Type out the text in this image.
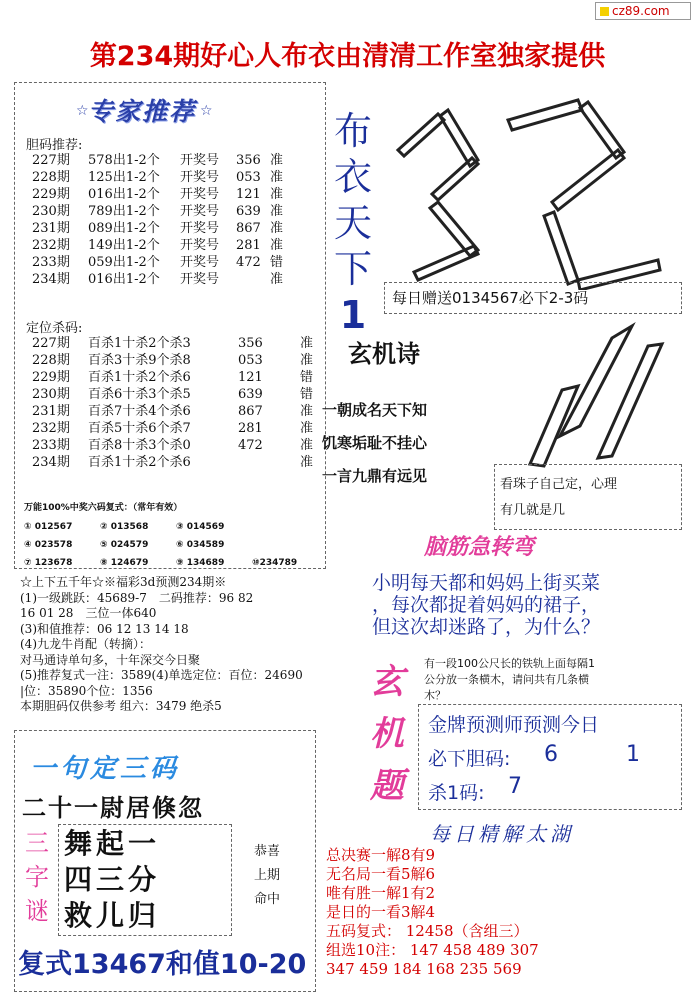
cz89.com
第234期好心人布衣由清清工作室独家提供
专家推荐
☆	☆
胆码推荐:
227期 578出1-2个 开奖号 356 准
228期 125出1-2个 开奖号 053 准
229期 016出1-2个 开奖号 121 准
230期 789出1-2个 开奖号 639 准
231期 089出1-2个 开奖号 867 准
232期 149出1-2个 开奖号 281 准
233期 059出1-2个 开奖号 472 错
234期 016出1-2个 开奖号	准
定位杀码:
227期 百杀1十杀2个杀3	356	准
228期 百杀3十杀9个杀8	053	准
229期 百杀1十杀2个杀6	121	错
230期 百杀6十杀3个杀5	639	错
231期 百杀7十杀4个杀6	867	准
232期 百杀5十杀6个杀7	281	准
233期 百杀8十杀3个杀0	472	准
234期 百杀1十杀2个杀6	准
万能100%中奖六码复式：（常年有效）
① 012567	② 013568	③ 014569
④ 023578	⑤ 024579	⑥ 034589
⑦ 123678	⑧ 124679	⑨ 134689	⑩234789
布
衣
天
下
1	每日赠送0134567必下2-3码
玄机诗
一朝成名天下知
饥寒垢耻不挂心
一言九鼎有远见	看珠子自己定，心理
有几就是几
脑筋急转弯
小明每天都和妈妈上街买菜
，每次都捉着妈妈的裙子，
但这次却迷路了，为什么？
☆上下五千年☆※福彩3d预测234期※
(1)一级跳跃：45689-7　二码推荐：96 82
16 01 28　三位一体640
(3)和值推荐：06 12 13 14 18
(4)九龙牛肖配（转摘）：
对马通诗单句多，十年深交今日聚
(5)推荐复式一注：3589(4)单选定位：百位：24690
|位：35890个位：1356
本期胆码仅供参考 组六：3479 绝杀5
一句定三码
二十一尉居倏忽
三
字
谜
舞起一
四三分
救儿归
恭喜
上期
命中
复式13467和值10-20
玄
机
题
有一段100公尺长的铁轨上面每隔1
公分放一条横木，请问共有几条横
木？
金牌预测师预测今日
必下胆码: 6	1
杀1码: 7
每日精解太湖
总决赛一解8有9
无名局一看5解6
唯有胜一解1有2
是日的一看3解4
五码复式： 12458（含组三）
组选10注： 147 458 489 307
347 459 184 168 235 569
